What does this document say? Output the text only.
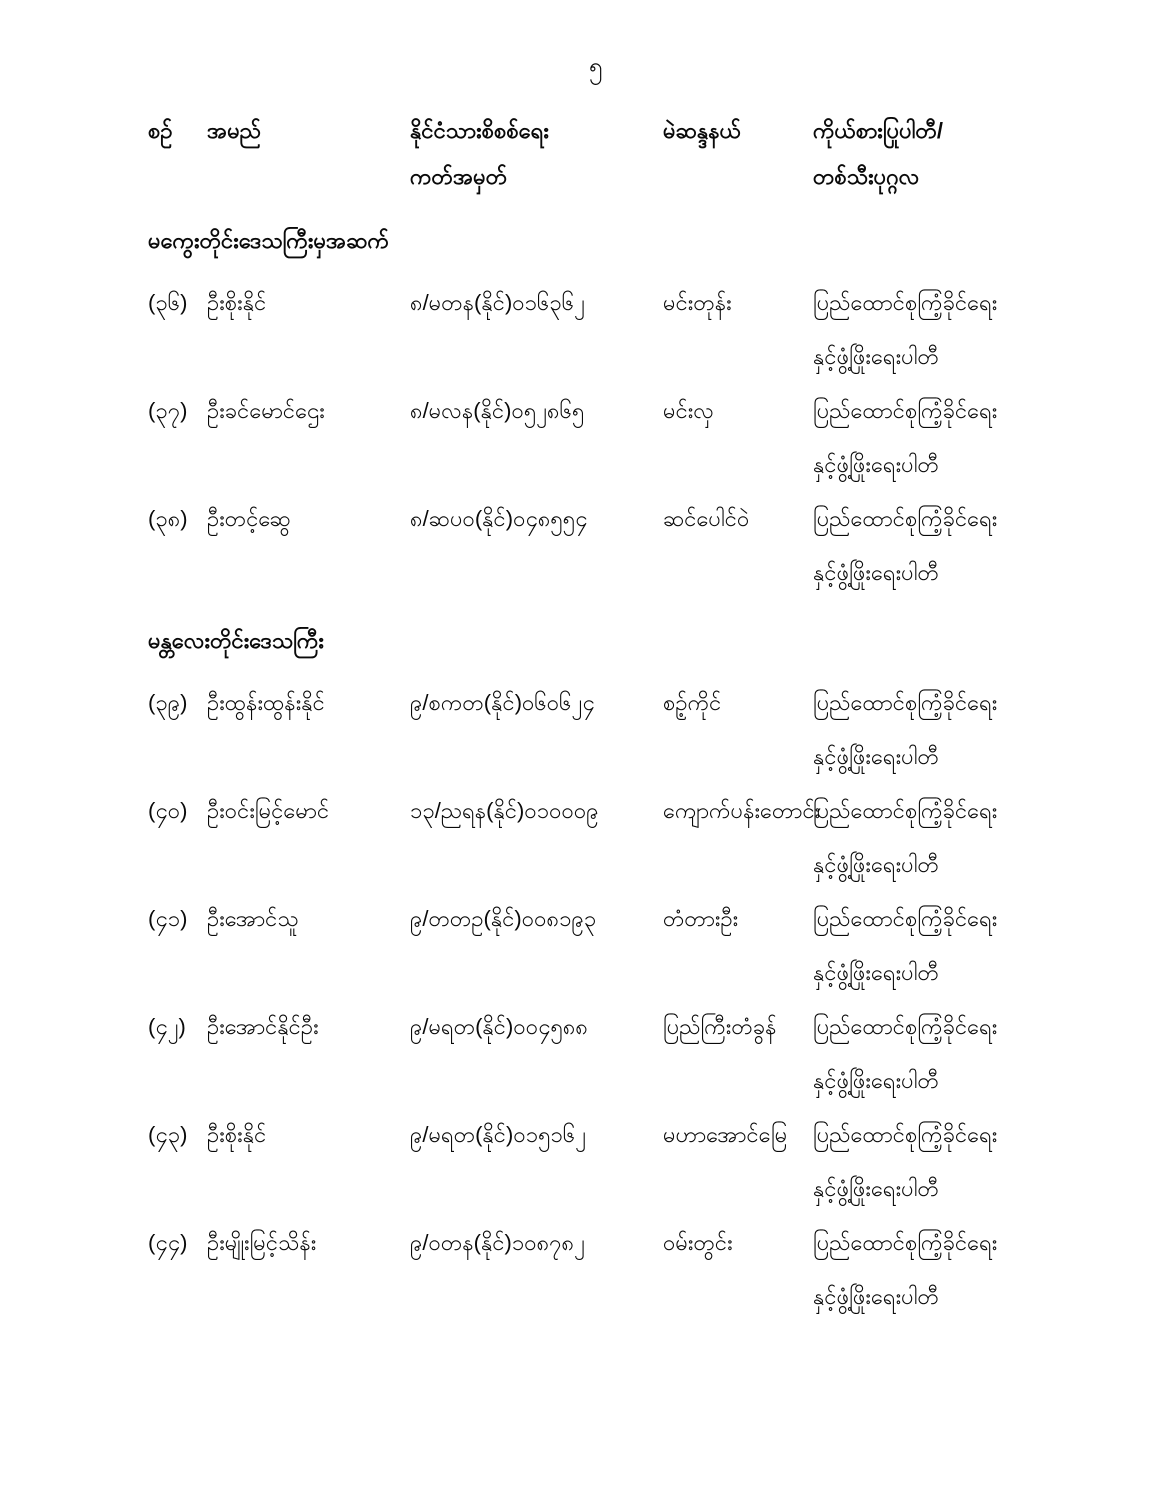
၅
စဉ်	အမည်	နိုင်ငံသားစိစစ်ရေး
ကတ်အမှတ်
မဲဆန္ဒနယ်	ကိုယ်စားပြုပါတီ/
တစ်သီးပုဂ္ဂလ
မကွေးတိုင်းဒေသကြီးမှအဆက်
(၃၆) ဦးစိုးနိုင်	၈/မတန(နိုင်)၀၁၆၃၆၂	မင်းတုန်း	ပြည်ထောင်စုကြံ့ခိုင်ရေး
နှင့်ဖွံ့ဖြိုးရေးပါတီ
(၃၇) ဦးခင်မောင်ဌေး	၈/မလန(နိုင်)၀၅၂၈၆၅	မင်းလှ	ပြည်ထောင်စုကြံ့ခိုင်ရေး
နှင့်ဖွံ့ဖြိုးရေးပါတီ
(၃၈) ဦးတင့်ဆွေ	၈/ဆပဝ(နိုင်)၀၄၈၅၅၄	ဆင်ပေါင်ဝဲ	ပြည်ထောင်စုကြံ့ခိုင်ရေး
နှင့်ဖွံ့ဖြိုးရေးပါတီ
မန္တလေးတိုင်းဒေသကြီး
(၃၉) ဦးထွန်းထွန်းနိုင်	၉/စကတ(နိုင်)၀၆၀၆၂၄	စဉ့်ကိုင်	ပြည်ထောင်စုကြံ့ခိုင်ရေး
နှင့်ဖွံ့ဖြိုးရေးပါတီ
(၄၀) ဦးဝင်းမြင့်မောင်	၁၃/ညရန(နိုင်)၀၁၀၀၀၉	ကျောက်ပန်းတောင်း
ပြည်ထောင်စုကြံ့ခိုင်ရေး
နှင့်ဖွံ့ဖြိုးရေးပါတီ
(၄၁) ဦးအောင်သူ	၉/တတဥ(နိုင်)၀၀၈၁၉၃	တံတားဦး	ပြည်ထောင်စုကြံ့ခိုင်ရေး
နှင့်ဖွံ့ဖြိုးရေးပါတီ
(၄၂) ဦးအောင်နိုင်ဦး	၉/မရတ(နိုင်)၀၀၄၅၈၈	ပြည်ကြီးတံခွန်	ပြည်ထောင်စုကြံ့ခိုင်ရေး
နှင့်ဖွံ့ဖြိုးရေးပါတီ
(၄၃) ဦးစိုးနိုင်	၉/မရတ(နိုင်)၀၁၅၁၆၂	မဟာအောင်မြေ	ပြည်ထောင်စုကြံ့ခိုင်ရေး
နှင့်ဖွံ့ဖြိုးရေးပါတီ
(၄၄) ဦးမျိုးမြင့်သိန်း	၉/ဝတန(နိုင်)၁၀၈၇၈၂	ဝမ်းတွင်း	ပြည်ထောင်စုကြံ့ခိုင်ရေး
နှင့်ဖွံ့ဖြိုးရေးပါတီ
